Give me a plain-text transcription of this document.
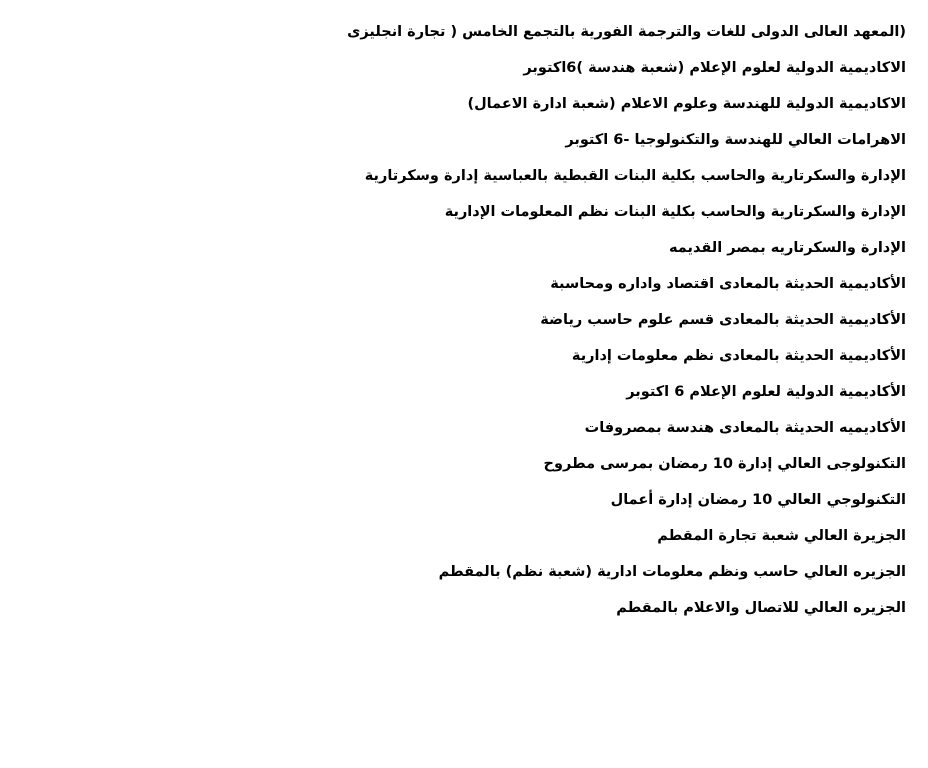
(المعهد العالى الدولى للغات والترجمة الفورية بالتجمع الخامس ( تجارة انجليزى
الاكاديمية الدولية لعلوم الإعلام (شعبة هندسة )6اكتوبر
الاكاديمية الدولية للهندسة وعلوم الاعلام (شعبة ادارة الاعمال)
الاهرامات العالي للهندسة والتكنولوجيا -6 اكتوبر
الإدارة والسكرتارية والحاسب بكلية البنات القبطية بالعباسية إدارة وسكرتارية
الإدارة والسكرتارية والحاسب بكلية البنات نظم المعلومات الإدارية
الإدارة والسكرتاريه بمصر القديمه
الأكاديمية الحديثة بالمعادى اقتصاد واداره ومحاسبة
الأكاديمية الحديثة بالمعادى قسم علوم حاسب رياضة
الأكاديمية الحديثة بالمعادى نظم معلومات إدارية
الأكاديمية الدولية لعلوم الإعلام 6 اكتوبر
الأكاديميه الحديثة بالمعادى هندسة بمصروفات
التكنولوجى العالي إدارة 10 رمضان بمرسى مطروح
التكنولوجي العالي 10 رمضان إدارة أعمال
الجزيرة العالي شعبة تجارة المقطم
الجزيره العالي حاسب ونظم معلومات ادارية (شعبة نظم) بالمقطم
الجزيره العالي للاتصال والاعلام بالمقطم
